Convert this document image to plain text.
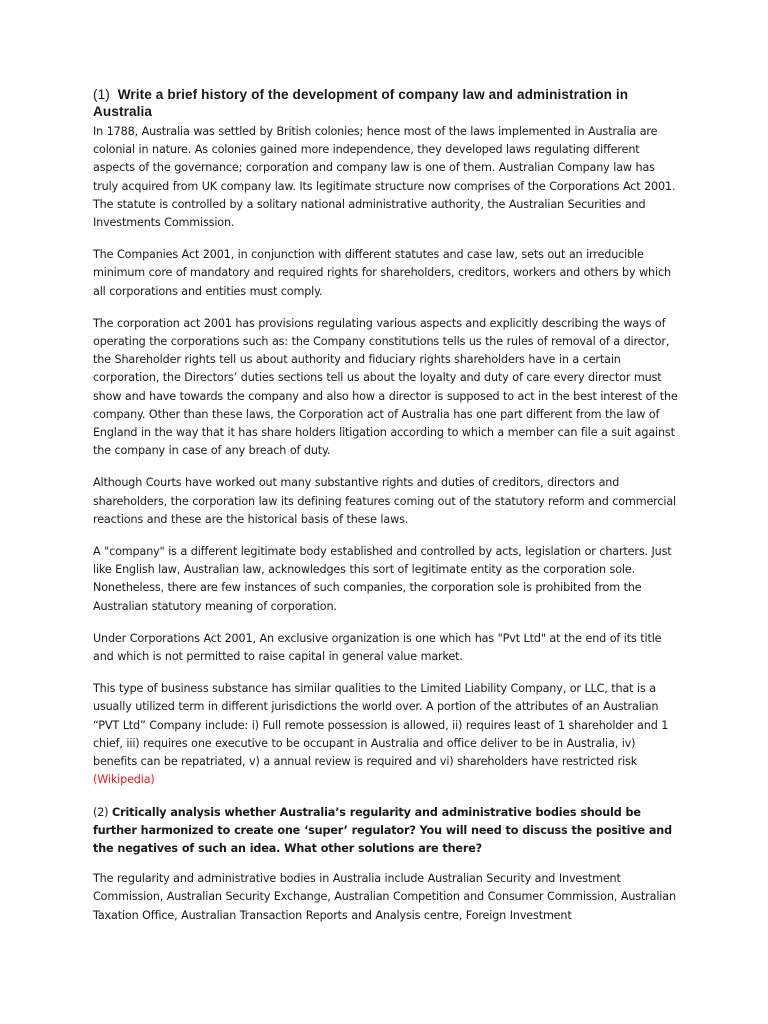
(1) Write a brief history of the development of company law and administration in Australia

In 1788, Australia was settled by British colonies; hence most of the laws implemented in Australia are colonial in nature. As colonies gained more independence, they developed laws regulating different aspects of the governance; corporation and company law is one of them. Australian Company law has truly acquired from UK company law. Its legitimate structure now comprises of the Corporations Act 2001. The statute is controlled by a solitary national administrative authority, the Australian Securities and Investments Commission.

The Companies Act 2001, in conjunction with different statutes and case law, sets out an irreducible minimum core of mandatory and required rights for shareholders, creditors, workers and others by which all corporations and entities must comply.

The corporation act 2001 has provisions regulating various aspects and explicitly describing the ways of operating the corporations such as: the Company constitutions tells us the rules of removal of a director, the Shareholder rights tell us about authority and fiduciary rights shareholders have in a certain corporation, the Directors’ duties sections tell us about the loyalty and duty of care every director must show and have towards the company and also how a director is supposed to act in the best interest of the company. Other than these laws, the Corporation act of Australia has one part different from the law of England in the way that it has share holders litigation according to which a member can file a suit against the company in case of any breach of duty.

Although Courts have worked out many substantive rights and duties of creditors, directors and shareholders, the corporation law its defining features coming out of the statutory reform and commercial reactions and these are the historical basis of these laws.

A "company" is a different legitimate body established and controlled by acts, legislation or charters. Just like English law, Australian law, acknowledges this sort of legitimate entity as the corporation sole. Nonetheless, there are few instances of such companies, the corporation sole is prohibited from the Australian statutory meaning of corporation.

Under Corporations Act 2001, An exclusive organization is one which has "Pvt Ltd" at the end of its title and which is not permitted to raise capital in general value market.

This type of business substance has similar qualities to the Limited Liability Company, or LLC, that is a usually utilized term in different jurisdictions the world over. A portion of the attributes of an Australian “PVT Ltd” Company include: i) Full remote possession is allowed, ii) requires least of 1 shareholder and 1 chief, iii) requires one executive to be occupant in Australia and office deliver to be in Australia, iv) benefits can be repatriated, v) a annual review is required and vi) shareholders have restricted risk (Wikipedia)

(2) Critically analysis whether Australia’s regularity and administrative bodies should be further harmonized to create one ‘super’ regulator? You will need to discuss the positive and the negatives of such an idea. What other solutions are there?

The regularity and administrative bodies in Australia include Australian Security and Investment Commission, Australian Security Exchange, Australian Competition and Consumer Commission, Australian Taxation Office, Australian Transaction Reports and Analysis centre, Foreign Investment
